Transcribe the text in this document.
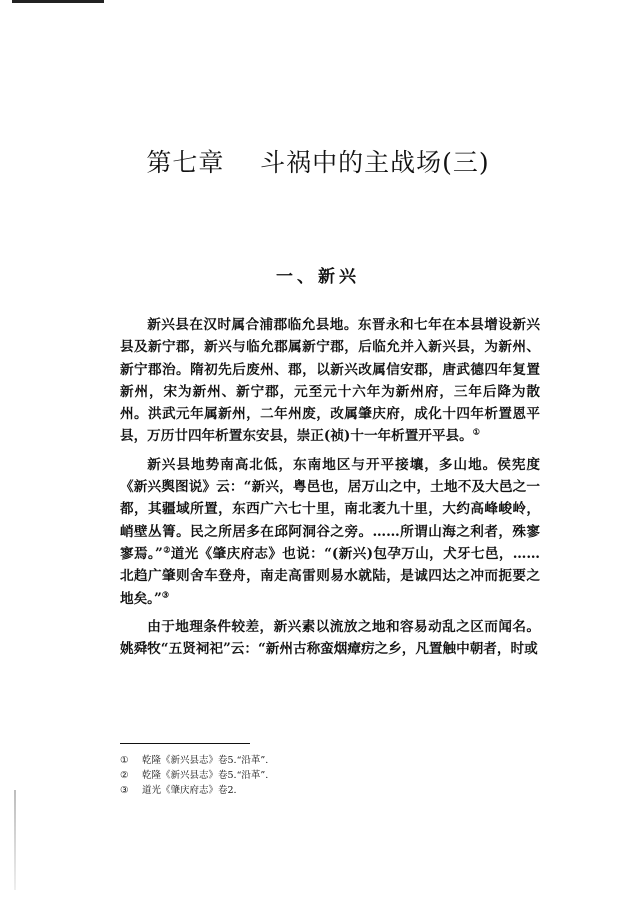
第七章    斗祸中的主战场(三)
一、新兴

新兴县在汉时属合浦郡临允县地。东晋永和七年在本县增设新兴县及新宁郡，新兴与临允郡属新宁郡，后临允并入新兴县，为新州、新宁郡治。隋初先后废州、郡，以新兴改属信安郡，唐武德四年复置新州，宋为新州、新宁郡，元至元十六年为新州府，三年后降为散州。洪武元年属新州，二年州废，改属肇庆府，成化十四年析置恩平县，万历廿四年析置东安县，崇正(祯)十一年析置开平县。①

新兴县地势南高北低，东南地区与开平接壤，多山地。侯宪度《新兴舆图说》云：“新兴，粤邑也，居万山之中，土地不及大邑之一都，其疆域所置，东西广六七十里，南北袤九十里，大约高峰峻岭，峭壁丛箐。民之所居多在邱阿洞谷之旁。……所谓山海之利者，殊寥寥焉。”②道光《肇庆府志》也说：“(新兴)包孕万山，犬牙七邑，……北趋广肇则舍车登舟，南走高雷则易水就陆，是诚四达之冲而扼要之地矣。”③

由于地理条件较差，新兴素以流放之地和容易动乱之区而闻名。姚舜牧“五贤祠祀”云：“新州古称蛮烟瘴疠之乡，凡置触中朝者，时或

①	乾隆《新兴县志》卷5.“沿革”.
②	乾隆《新兴县志》卷5.“沿革”.
③	道光《肇庆府志》卷2.
